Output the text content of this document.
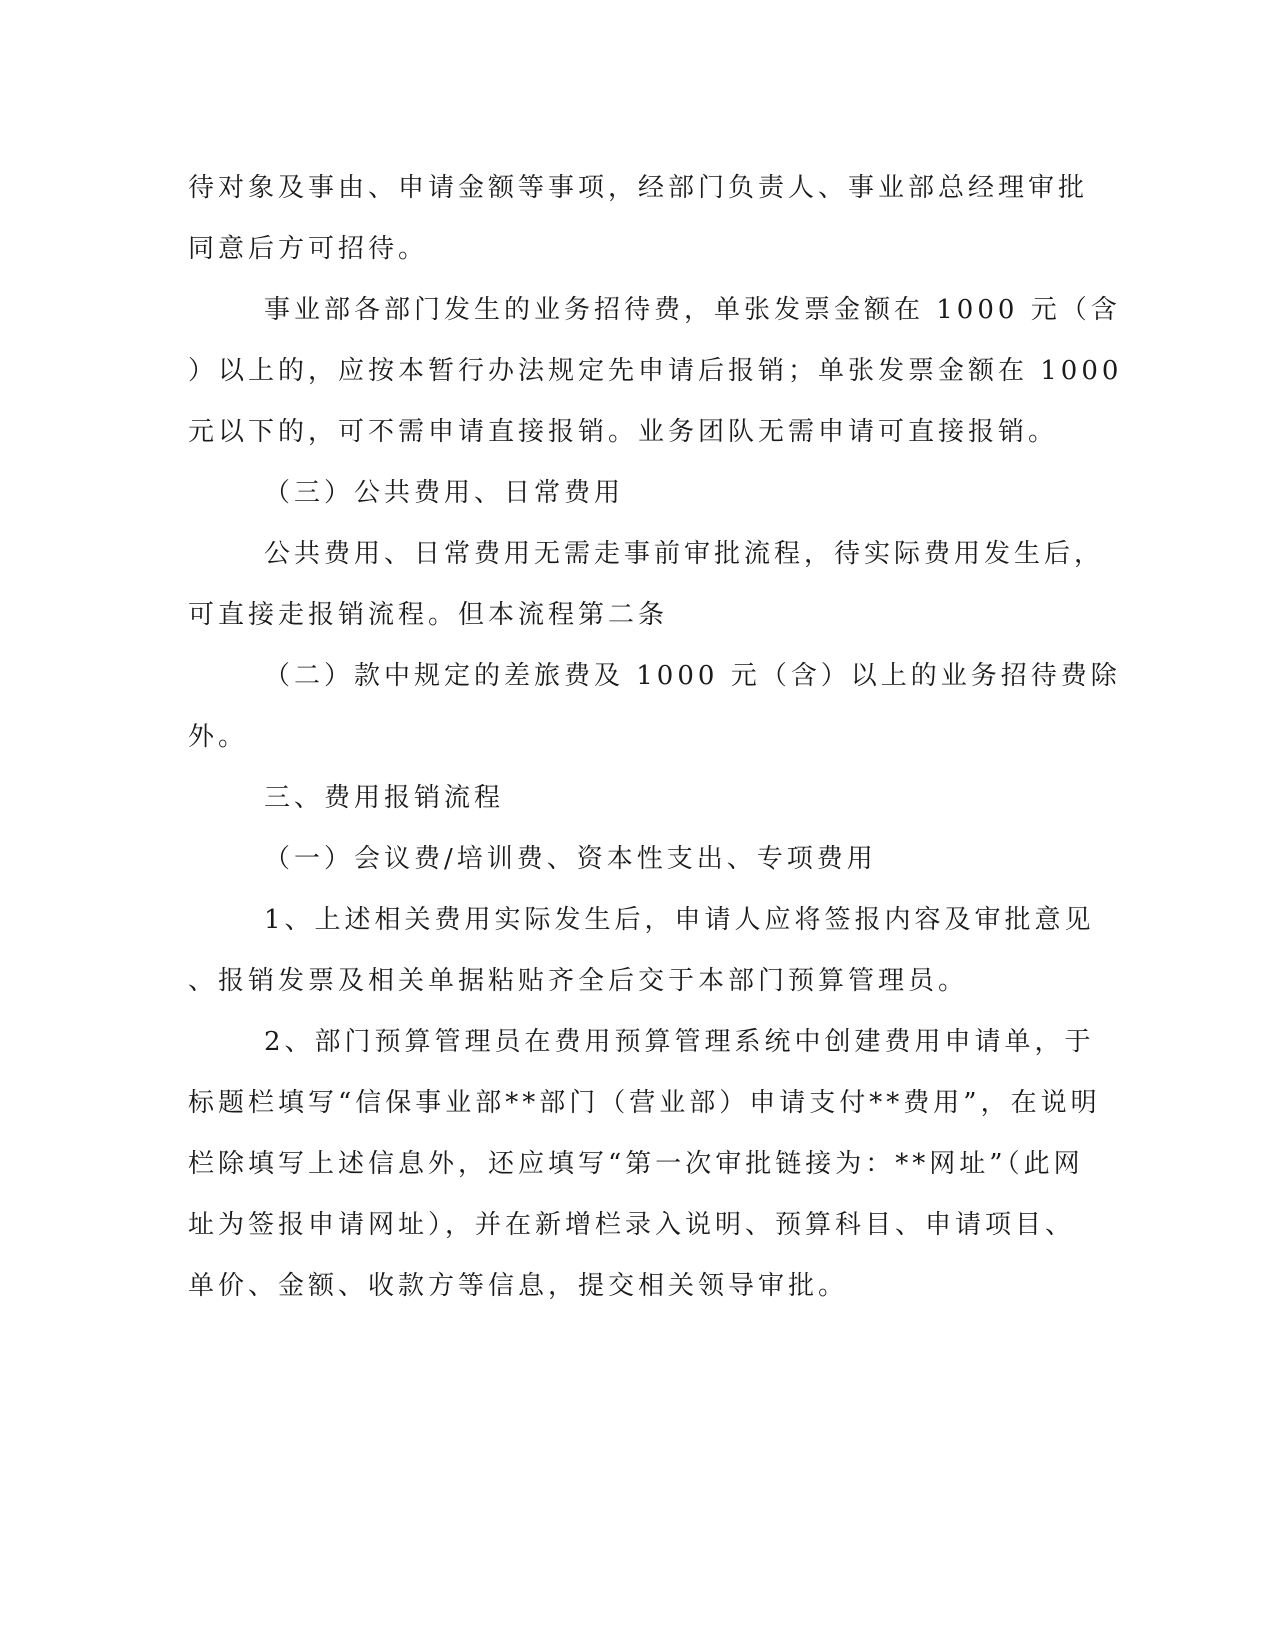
待对象及事由、申请金额等事项，经部门负责人、事业部总经理审批

同意后方可招待。

事业部各部门发生的业务招待费，单张发票金额在 1000 元（含

）以上的，应按本暂行办法规定先申请后报销；单张发票金额在 1000

元以下的，可不需申请直接报销。业务团队无需申请可直接报销。

（三）公共费用、日常费用

公共费用、日常费用无需走事前审批流程，待实际费用发生后，

可直接走报销流程。但本流程第二条

（二）款中规定的差旅费及 1000 元（含）以上的业务招待费除

外。

三、费用报销流程

（一）会议费/培训费、资本性支出、专项费用

1、上述相关费用实际发生后，申请人应将签报内容及审批意见

、报销发票及相关单据粘贴齐全后交于本部门预算管理员。

2、部门预算管理员在费用预算管理系统中创建费用申请单，于

标题栏填写“信保事业部**部门（营业部）申请支付**费用”，在说明

栏除填写上述信息外，还应填写“第一次审批链接为：**网址”（此网

址为签报申请网址），并在新增栏录入说明、预算科目、申请项目、

单价、金额、收款方等信息，提交相关领导审批。
